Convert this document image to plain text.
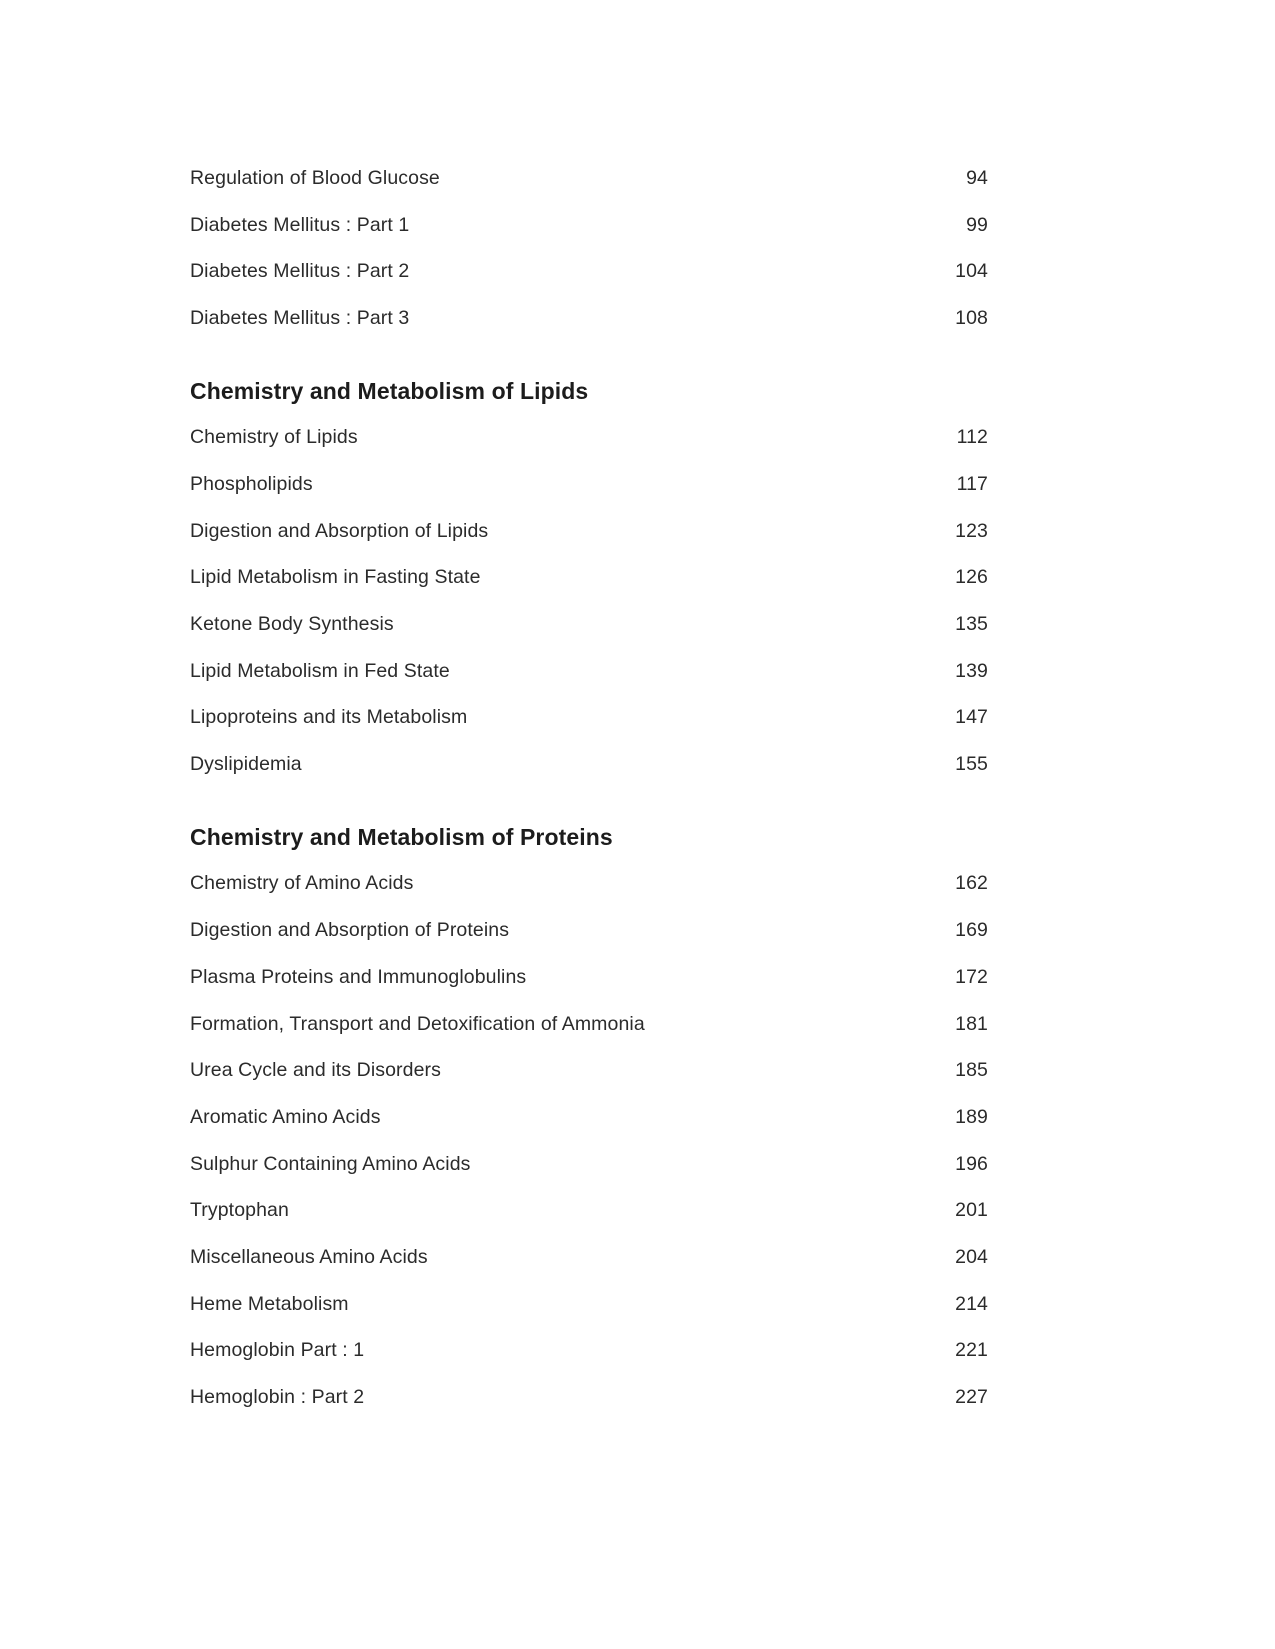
Regulation of Blood Glucose	94
Diabetes Mellitus : Part 1	99
Diabetes Mellitus : Part 2	104
Diabetes Mellitus : Part 3	108
Chemistry and Metabolism of Lipids
Chemistry of Lipids	112
Phospholipids	117
Digestion and Absorption of Lipids	123
Lipid Metabolism in Fasting State	126
Ketone Body Synthesis	135
Lipid Metabolism in Fed State	139
Lipoproteins and its Metabolism	147
Dyslipidemia	155
Chemistry and Metabolism of Proteins
Chemistry of Amino Acids	162
Digestion and Absorption of Proteins	169
Plasma Proteins and Immunoglobulins	172
Formation, Transport and Detoxification of Ammonia	181
Urea Cycle and its Disorders	185
Aromatic Amino Acids	189
Sulphur Containing Amino Acids	196
Tryptophan	201
Miscellaneous Amino Acids	204
Heme Metabolism	214
Hemoglobin Part : 1	221
Hemoglobin : Part 2	227
